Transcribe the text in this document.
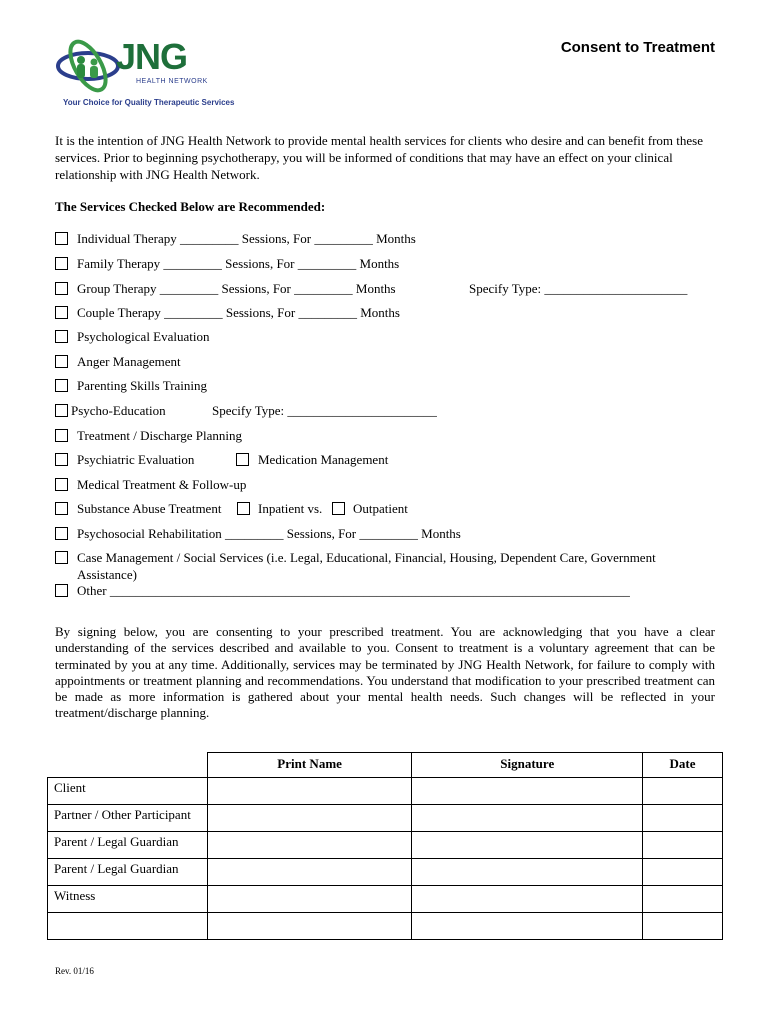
JNG
HEALTH NETWORK
Your Choice for Quality Therapeutic Services
Consent to Treatment
It is the intention of JNG Health Network to provide mental health services for clients who desire and can benefit from these services. Prior to beginning psychotherapy, you will be informed of conditions that may have an effect on your clinical relationship with JNG Health Network.
The Services Checked Below are Recommended:
Individual Therapy _________ Sessions, For _________ Months
Family Therapy _________ Sessions, For _________ Months
Group Therapy _________ Sessions, For _________ Months	Specify Type: ______________________
Couple Therapy _________ Sessions, For _________ Months
Psychological Evaluation
Anger Management
Parenting Skills Training
Psycho-Education	Specify Type: _______________________
Treatment / Discharge Planning
Psychiatric Evaluation	Medication Management
Medical Treatment & Follow-up
Substance Abuse Treatment	Inpatient vs. Outpatient
Psychosocial Rehabilitation _________ Sessions, For _________ Months
Case Management / Social Services (i.e. Legal, Educational, Financial, Housing, Dependent Care, Government
Assistance)
Other ________________________________________________________________________________
By signing below, you are consenting to your prescribed treatment. You are acknowledging that you have a clear understanding of the services described and available to you. Consent to treatment is a voluntary agreement that can be terminated by you at any time. Additionally, services may be terminated by JNG Health Network, for failure to comply with appointments or treatment planning and recommendations. You understand that modification to your prescribed treatment can be made as more information is gathered about your mental health needs. Such changes will be reflected in your treatment/discharge planning.
	Print Name	Signature	Date
Client			
Partner / Other Participant			
Parent / Legal Guardian			
Parent / Legal Guardian			
Witness			

Rev. 01/16
